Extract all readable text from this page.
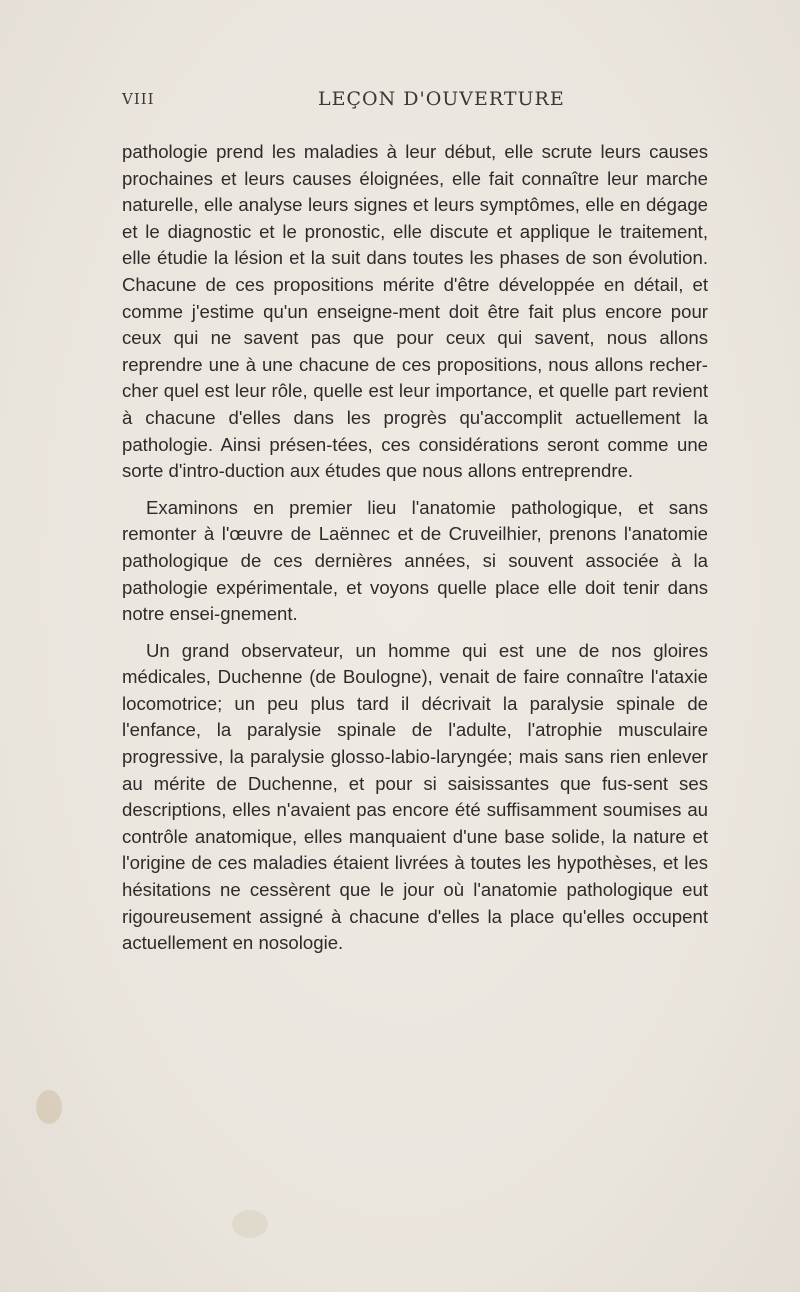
VIII	LEÇON D'OUVERTURE

pathologie prend les maladies à leur début, elle scrute leurs causes prochaines et leurs causes éloignées, elle fait connaître leur marche naturelle, elle analyse leurs signes et leurs symptômes, elle en dégage et le diagnostic et le pronostic, elle discute et applique le traitement, elle étudie la lésion et la suit dans toutes les phases de son évolution. Chacune de ces propositions mérite d'être développée en détail, et comme j'estime qu'un enseigne-ment doit être fait plus encore pour ceux qui ne savent pas que pour ceux qui savent, nous allons reprendre une à une chacune de ces propositions, nous allons recher-cher quel est leur rôle, quelle est leur importance, et quelle part revient à chacune d'elles dans les progrès qu'accomplit actuellement la pathologie. Ainsi présen-tées, ces considérations seront comme une sorte d'intro-duction aux études que nous allons entreprendre.

Examinons en premier lieu l'anatomie pathologique, et sans remonter à l'œuvre de Laënnec et de Cruveilhier, prenons l'anatomie pathologique de ces dernières années, si souvent associée à la pathologie expérimentale, et voyons quelle place elle doit tenir dans notre ensei-gnement.

Un grand observateur, un homme qui est une de nos gloires médicales, Duchenne (de Boulogne), venait de faire connaître l'ataxie locomotrice; un peu plus tard il décrivait la paralysie spinale de l'enfance, la paralysie spinale de l'adulte, l'atrophie musculaire progressive, la paralysie glosso-labio-laryngée; mais sans rien enlever au mérite de Duchenne, et pour si saisissantes que fus-sent ses descriptions, elles n'avaient pas encore été suffisamment soumises au contrôle anatomique, elles manquaient d'une base solide, la nature et l'origine de ces maladies étaient livrées à toutes les hypothèses, et les hésitations ne cessèrent que le jour où l'anatomie pathologique eut rigoureusement assigné à chacune d'elles la place qu'elles occupent actuellement en nosologie.
